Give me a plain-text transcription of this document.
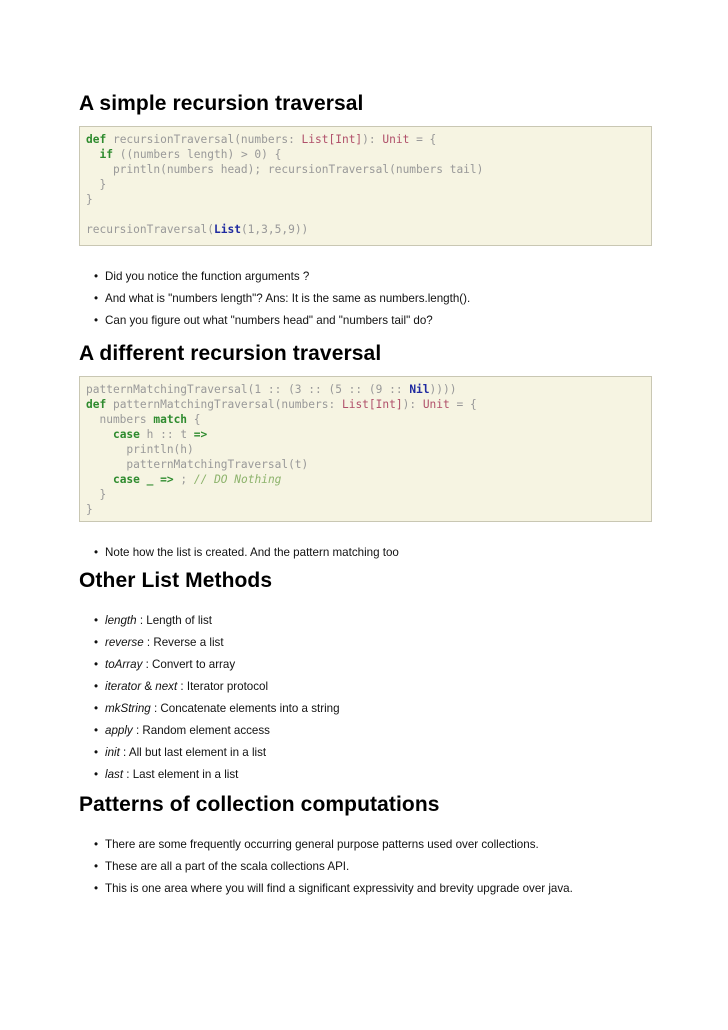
A simple recursion traversal
def recursionTraversal(numbers: List[Int]): Unit = {
if ((numbers length) > 0) {
println(numbers head); recursionTraversal(numbers tail)
}
}
recursionTraversal(List(1,3,5,9))
• Did you notice the function arguments ?
• And what is "numbers length"? Ans: It is the same as numbers.length().
• Can you figure out what "numbers head" and "numbers tail" do?
A different recursion traversal
patternMatchingTraversal(1 :: (3 :: (5 :: (9 :: Nil))))
def patternMatchingTraversal(numbers: List[Int]): Unit = {
numbers match {
case h :: t =>
println(h)
patternMatchingTraversal(t)
case _ => ; // DO Nothing
}
}
• Note how the list is created. And the pattern matching too
Other List Methods
• length : Length of list
• reverse : Reverse a list
• toArray : Convert to array
• iterator & next : Iterator protocol
• mkString : Concatenate elements into a string
• apply : Random element access
• init : All but last element in a list
• last : Last element in a list
Patterns of collection computations
• There are some frequently occurring general purpose patterns used over collections.
• These are all a part of the scala collections API.
• This is one area where you will find a significant expressivity and brevity upgrade over java.
